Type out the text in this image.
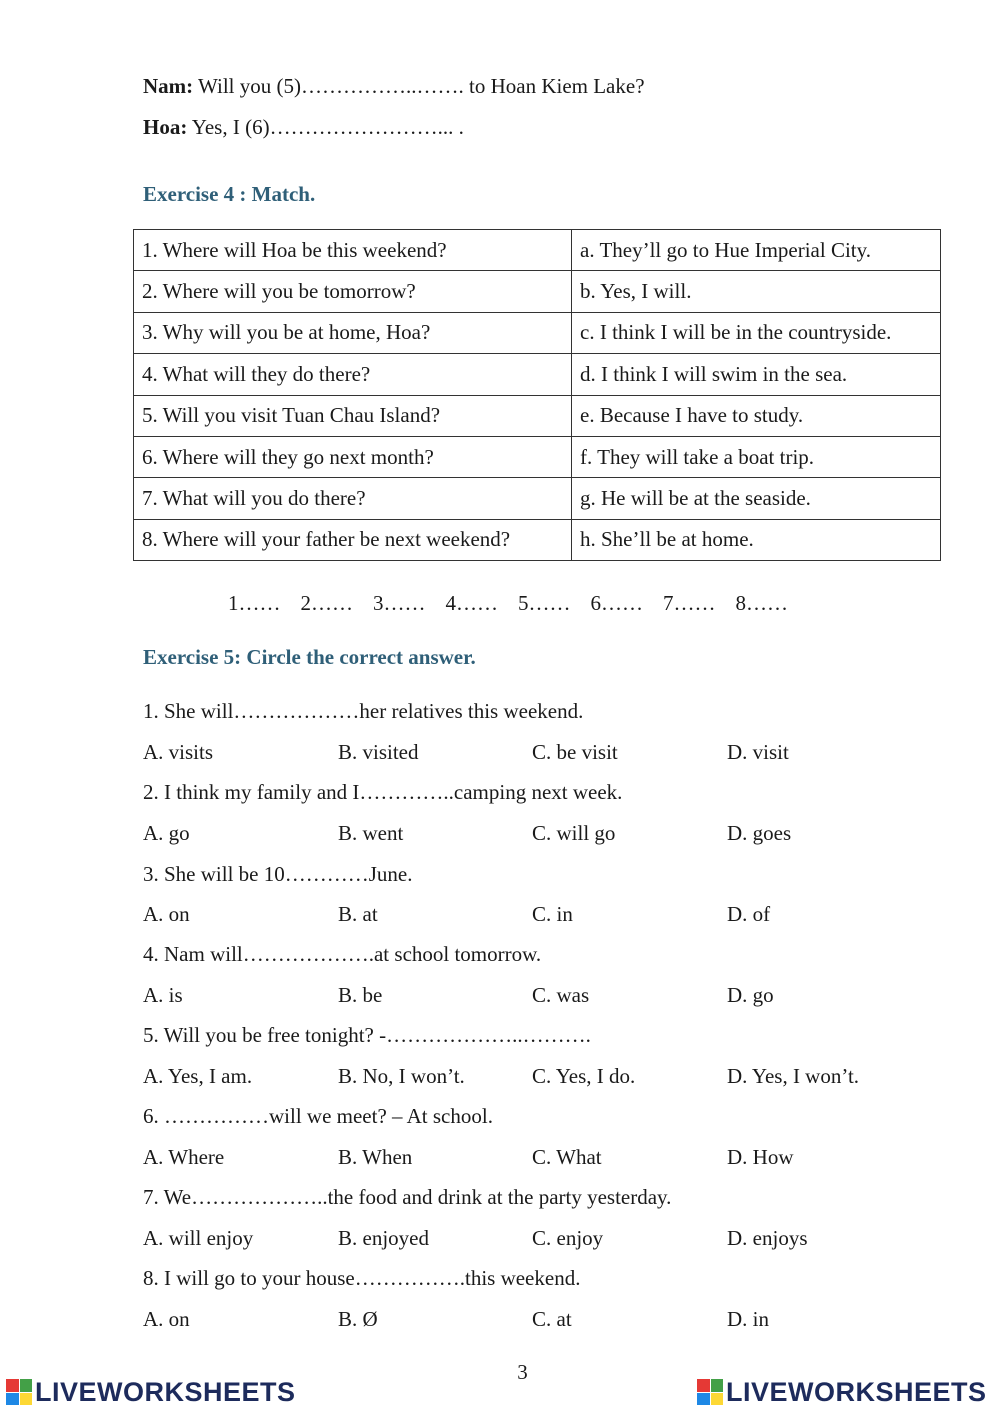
Nam: Will you (5)……………..……. to Hoan Kiem Lake?
Hoa: Yes, I (6)……………………... .
Exercise 4 : Match.
1. Where will Hoa be this weekend?	a. They’ll go to Hue Imperial City.
2. Where will you be tomorrow?	b. Yes, I will.
3. Why will you be at home, Hoa?	c. I think I will be in the countryside.
4. What will they do there?	d. I think I will swim in the sea.
5. Will you visit Tuan Chau Island?	e. Because I have to study.
6. Where will they go next month?	f. They will take a boat trip.
7. What will you do there?	g. He will be at the seaside.
8. Where will your father be next weekend?	h. She’ll be at home.
1…… 2…… 3…… 4…… 5…… 6…… 7…… 8……
Exercise 5: Circle the correct answer.
1. She will………………her relatives this weekend.
A. visits	B. visited	C. be visit	D. visit
2. I think my family and I…………..camping next week.
A. go	B. went	C. will go	D. goes
3. She will be 10…………June.
A. on	B. at	C. in	D. of
4. Nam will……………….at school tomorrow.
A. is	B. be	C. was	D. go
5. Will you be free tonight? -………………..……….
A. Yes, I am.	B. No, I won’t.	C. Yes, I do.	D. Yes, I won’t.
6. ……………will we meet? – At school.
A. Where	B. When	C. What	D. How
7. We………………..the food and drink at the party yesterday.
A. will enjoy	B. enjoyed	C. enjoy	D. enjoys
8. I will go to your house…………….this weekend.
A. on	B. Ø	C. at	D. in
3
LIVEWORKSHEETS	LIVEWORKSHEETS
